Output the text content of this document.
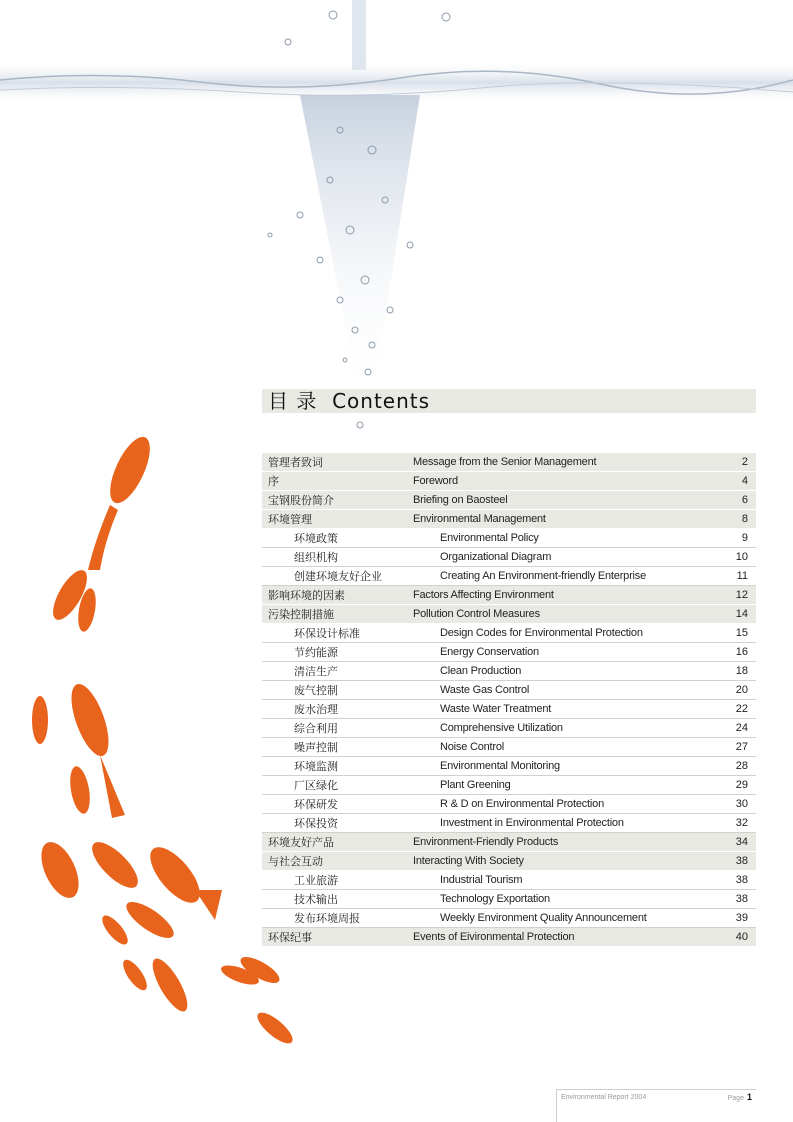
目 录 Contents
管理者致词	Message from the Senior Management	2
序	Foreword	4
宝钢股份简介	Briefing on Baosteel	6
环境管理	Environmental Management	8
环境政策	Environmental Policy	9
组织机构	Organizational Diagram	10
创建环境友好企业	Creating An Environment-friendly Enterprise	11
影响环境的因素	Factors Affecting Environment	12
污染控制措施	Pollution Control Measures	14
环保设计标准	Design Codes for Environmental Protection	15
节约能源	Energy Conservation	16
清洁生产	Clean Production	18
废气控制	Waste Gas Control	20
废水治理	Waste Water Treatment	22
综合利用	Comprehensive Utilization	24
噪声控制	Noise Control	27
环境监测	Environmental Monitoring	28
厂区绿化	Plant Greening	29
环保研发	R & D on Environmental Protection	30
环保投资	Investment in Environmental Protection	32
环境友好产品	Environment-Friendly Products	34
与社会互动	Interacting With Society	38
工业旅游	Industrial Tourism	38
技术输出	Technology Exportation	38
发布环境周报	Weekly Environment Quality Announcement	39
环保纪事	Events of Eivironmental Protection	40
Environmental Report 2004	Page 1
